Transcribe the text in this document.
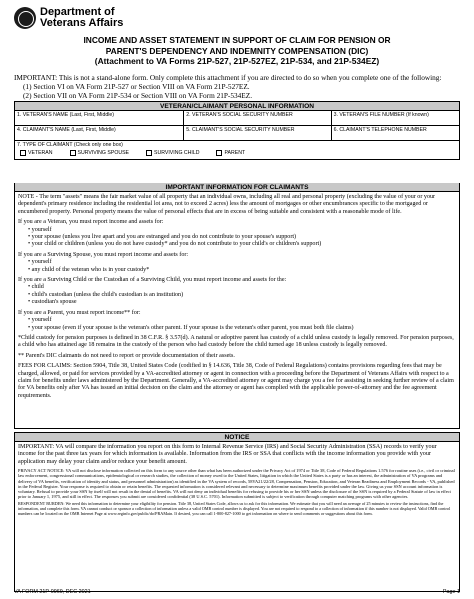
Department of
Veterans Affairs
INCOME AND ASSET STATEMENT IN SUPPORT OF CLAIM FOR PENSION OR
PARENT'S DEPENDENCY AND INDEMNITY COMPENSATION (DIC)
(Attachment to VA Forms 21P-527, 21P-527EZ, 21P-534, and 21P-534EZ)
IMPORTANT: This is not a stand-alone form. Only complete this attachment if you are directed to do so when you complete one of the following:
(1) Section VI on VA Form 21P-527 or Section VIII on VA Form 21P-527EZ.
(2) Section VII on VA Form 21P-534 or Section VIII on VA Form 21P-534EZ.
VETERAN/CLAIMANT PERSONAL INFORMATION
1. VETERAN'S NAME (Last, First, Middle)	2. VETERAN'S SOCIAL SECURITY NUMBER	3. VETERAN'S FILE NUMBER (If known)
4. CLAIMANT'S NAME (Last, First, Middle)	5. CLAIMANT'S SOCIAL SECURITY NUMBER	6. CLAIMANT'S TELEPHONE NUMBER
7. TYPE OF CLAIMANT (Check only one box)
VETERAN	SURVIVING SPOUSE	SURVIVING CHILD	PARENT
IMPORTANT INFORMATION FOR CLAIMANTS

NOTE - The term "assets" means the fair market value of all property that an individual owns, including all real and personal property (excluding the value of your or your dependent's primary residence including the residential lot area, not to exceed 2 acres) less the amount of mortgages or other encumbrances specific to the mortgaged or encumbered property. Personal property means the value of personal effects that are in excess of being suitable and consistent with a reasonable mode of life.

If you are a Veteran, you must report income and assets for:
• yourself
• your spouse (unless you live apart and you are estranged and you do not contribute to your spouse's support)

• your child or children (unless you do not have custody* and you do not contribute to your child's or children's support)

If you are a Surviving Spouse, you must report income and assets for:
• yourself

• any child of the veteran who is in your custody*

If you are a Surviving Child or the Custodian of a Surviving Child, you must report income and assets for the:
• child
• child's custodian (unless the child's custodian is an institution)

• custodian's spouse

If you are a Parent, you must report income** for:
• yourself

• your spouse (even if your spouse is the veteran's other parent. If your spouse is the veteran's other parent, you must both file claims)

*Child custody for pension purposes is defined in 38 C.F.R. § 3.57(d). A natural or adoptive parent has custody of a child unless custody is legally removed. For pension purposes, a child who has attained age 18 remains in the custody of the person who had custody before the child turned age 18 unless custody is legally removed.

** Parent's DIC claimants do not need to report or provide documentation of their assets.

FEES FOR CLAIMS: Section 5904, Title 38, United States Code (codified in § 14.636, Title 38, Code of Federal Regulations) contains provisions regarding fees that may be charged, allowed, or paid for services provided by a VA-accredited attorney or agent in connection with a proceeding before the Department of Veterans Affairs with respect to a claim for benefits under laws administered by the Department. Generally, a VA-accredited attorney or agent may charge you a fee for assisting in seeking further review of a claim for VA benefits only after VA has issued an initial decision on the claim and the attorney or agent has complied with the applicable power-of-attorney and the fee agreement requirements.

NOTICE

IMPORTANT: VA will compare the information you report on this form to Internal Revenue Service (IRS) and Social Security Administration (SSA) records to verify your income for the past three tax years for which information is available. Information from the IRS or SSA that conflicts with the income information you provide with your application may delay your claim and/or reduce your benefit amount.

PRIVACY ACT NOTICE: VA will not disclose information collected on this form to any source other than what has been authorized under the Privacy Act of 1974 or Title 38, Code of Federal Regulations 1.576 for routine uses (i.e., civil or criminal law enforcement, congressional communications, epidemiological or research studies, the collection of money owed to the United States, litigation in which the United States is a party or has an interest, the administration of VA programs and delivery of VA benefits, verification of identity and status, and personnel administration) as identified in the VA system of records, 58VA21/22/28, Compensation, Pension, Education, and Veteran Readiness and Employment Records - VA, published in the Federal Register. Your response is required to obtain or retain benefits. The requested information is considered relevant and necessary to determine maximum benefits provided under the law. Giving us your SSN account information is voluntary. Refusal to provide your SSN by itself will not result in the denial of benefits. VA will not deny an individual benefits for refusing to provide his or her SSN unless the disclosure of the SSN is required by a Federal Statute of law in effect prior to January 1, 1975, and still in effect. The responses you submit are considered confidential (38 U.S.C. 5701). Information submitted is subject to verification through computer matching programs with other agencies.

RESPONDENT BURDEN: We need this information to determine your eligibility for pension. Title 38, United States Code, allows us to ask for this information. We estimate that you will need an average of 25 minutes to review the instructions, find the information, and complete this form. VA cannot conduct or sponsor a collection of information unless a valid OMB control number is displayed. You are not required to respond to a collection of information if this number is not displayed. Valid OMB control numbers can be located on the OMB Internet Page at www.reginfo.gov/public/do/PRAMain. If desired, you can call 1-800-827-1000 to get information on where to send comments or suggestions about this form.

VA FORM 21P-0969, DEC 2021	Page 1
